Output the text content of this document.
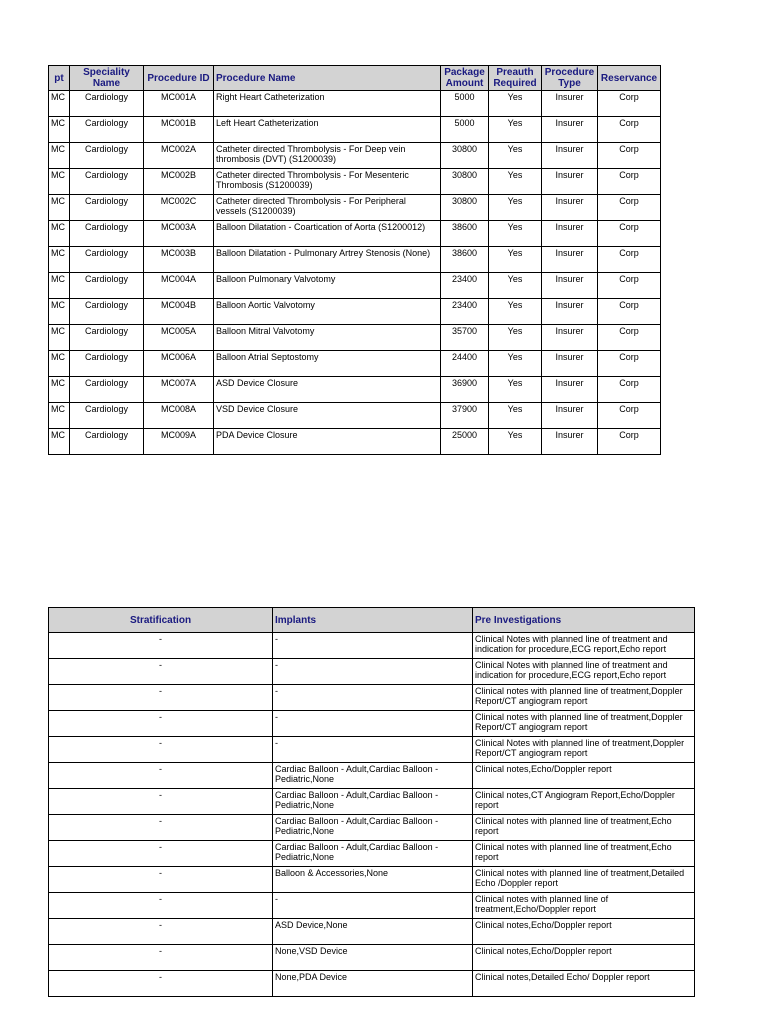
pt	Speciality Name	Procedure ID	Procedure Name	Package Amount	Preauth Required	Procedure Type	Reservance
MC	Cardiology	MC001A	Right Heart Catheterization	5000	Yes	Insurer	Corp
MC	Cardiology	MC001B	Left Heart Catheterization	5000	Yes	Insurer	Corp
MC	Cardiology	MC002A	Catheter directed Thrombolysis - For Deep vein thrombosis (DVT) (S1200039)	30800	Yes	Insurer	Corp
MC	Cardiology	MC002B	Catheter directed Thrombolysis - For Mesenteric Thrombosis (S1200039)	30800	Yes	Insurer	Corp
MC	Cardiology	MC002C	Catheter directed Thrombolysis - For Peripheral vessels (S1200039)	30800	Yes	Insurer	Corp
MC	Cardiology	MC003A	Balloon Dilatation - Coartication of Aorta (S1200012)	38600	Yes	Insurer	Corp
MC	Cardiology	MC003B	Balloon Dilatation - Pulmonary Artrey Stenosis (None)	38600	Yes	Insurer	Corp
MC	Cardiology	MC004A	Balloon Pulmonary Valvotomy	23400	Yes	Insurer	Corp
MC	Cardiology	MC004B	Balloon Aortic Valvotomy	23400	Yes	Insurer	Corp
MC	Cardiology	MC005A	Balloon Mitral Valvotomy	35700	Yes	Insurer	Corp
MC	Cardiology	MC006A	Balloon Atrial Septostomy	24400	Yes	Insurer	Corp
MC	Cardiology	MC007A	ASD Device Closure	36900	Yes	Insurer	Corp
MC	Cardiology	MC008A	VSD Device Closure	37900	Yes	Insurer	Corp
MC	Cardiology	MC009A	PDA Device Closure	25000	Yes	Insurer	Corp
Stratification	Implants	Pre Investigations
-	-	Clinical Notes with planned line of treatment and indication for procedure,ECG report,Echo report
-	-	Clinical Notes with planned line of treatment and indication for procedure,ECG report,Echo report
-	-	Clinical notes with planned line of treatment,Doppler Report/CT angiogram report
-	-	Clinical notes with planned line of treatment,Doppler Report/CT angiogram report
-	-	Clinical Notes with planned line of treatment,Doppler Report/CT angiogram report
-	Cardiac Balloon - Adult,Cardiac Balloon - Pediatric,None	Clinical notes,Echo/Doppler report
-	Cardiac Balloon - Adult,Cardiac Balloon - Pediatric,None	Clinical notes,CT Angiogram Report,Echo/Doppler report
-	Cardiac Balloon - Adult,Cardiac Balloon - Pediatric,None	Clinical notes with planned line of treatment,Echo report
-	Cardiac Balloon - Adult,Cardiac Balloon - Pediatric,None	Clinical notes with planned line of treatment,Echo report
-	Balloon & Accessories,None	Clinical notes with planned line of treatment,Detailed Echo /Doppler report
-	-	Clinical notes with planned line of treatment,Echo/Doppler report
-	ASD Device,None	Clinical notes,Echo/Doppler report
-	None,VSD Device	Clinical notes,Echo/Doppler report
-	None,PDA Device	Clinical notes,Detailed Echo/ Doppler report
